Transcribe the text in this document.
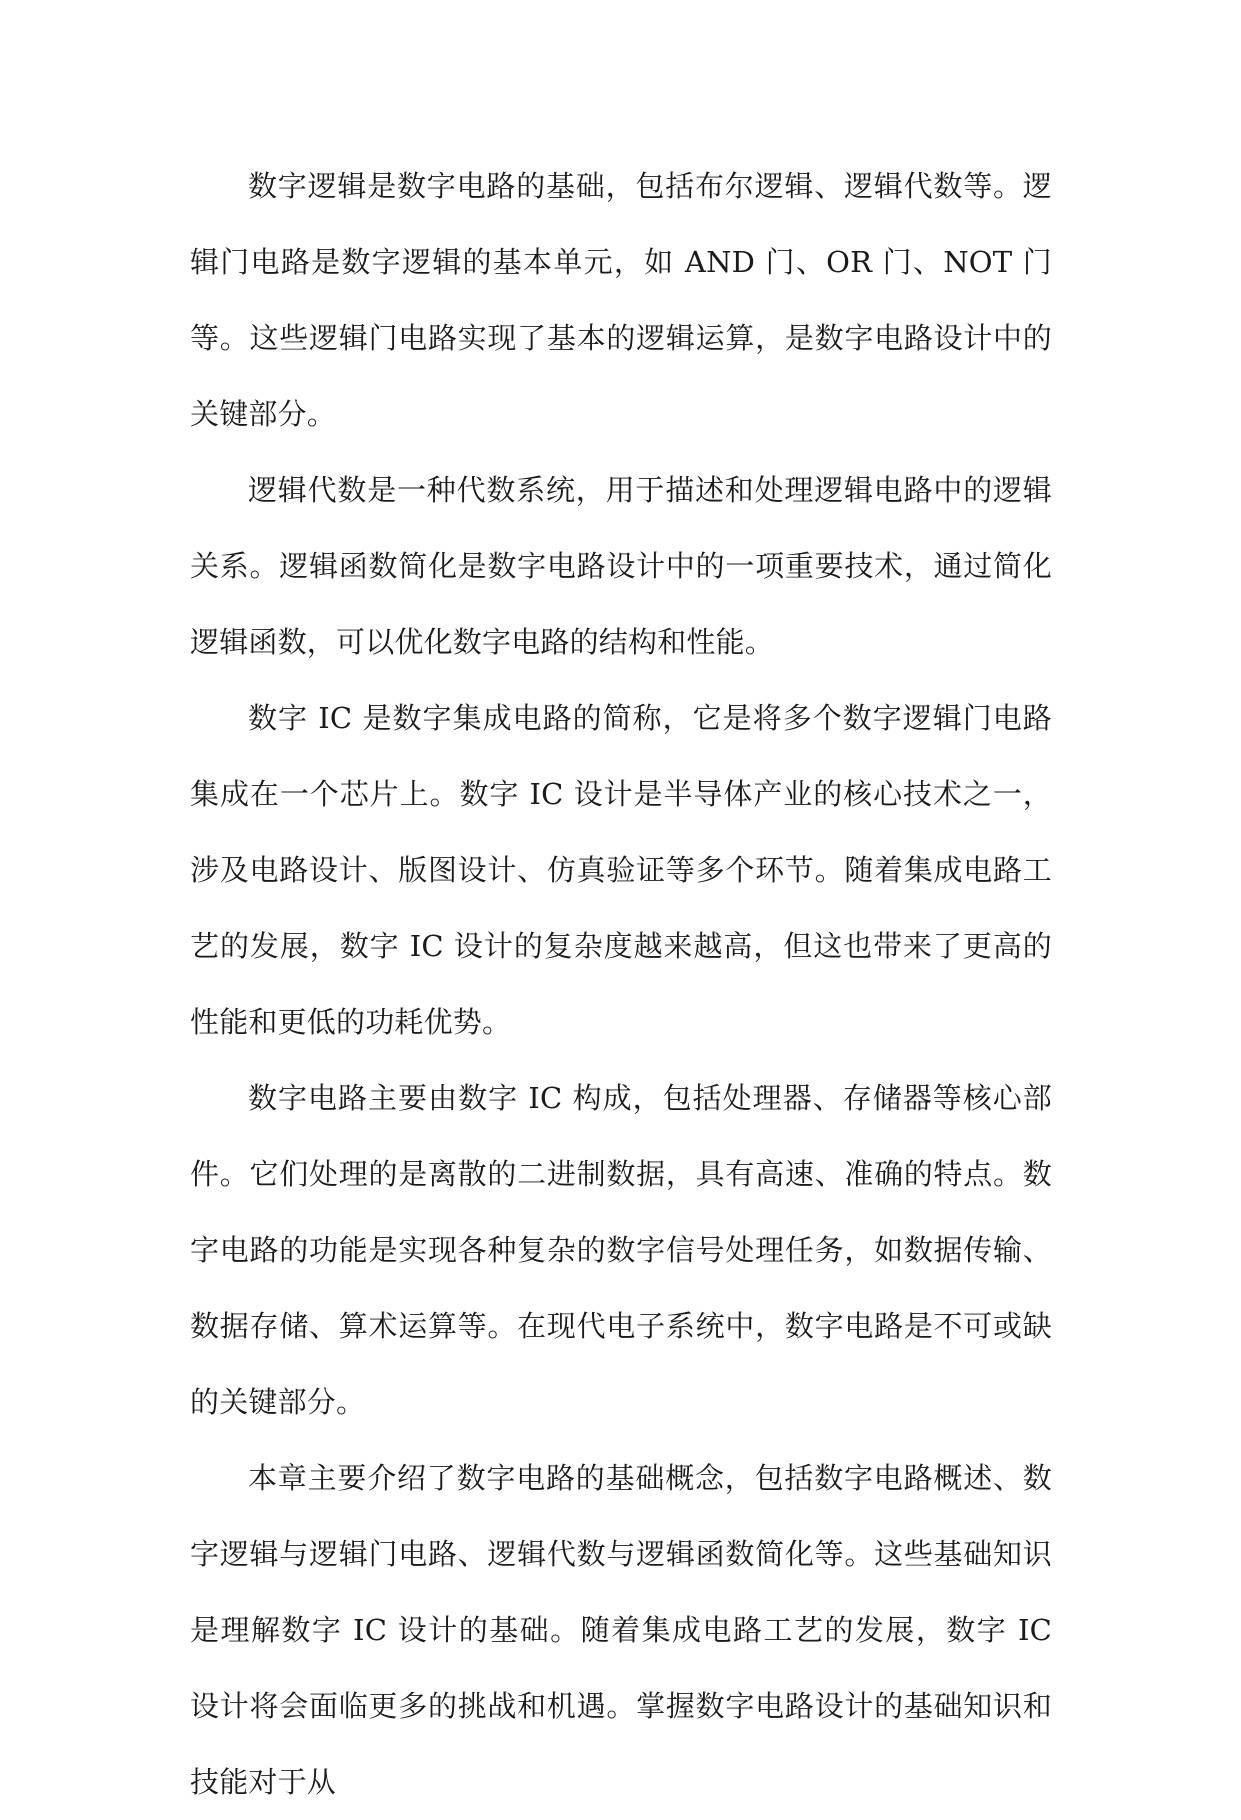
数字逻辑是数字电路的基础，包括布尔逻辑、逻辑代数等。逻辑门电路是数字逻辑的基本单元，如 AND 门、OR 门、NOT 门等。这些逻辑门电路实现了基本的逻辑运算，是数字电路设计中的关键部分。

逻辑代数是一种代数系统，用于描述和处理逻辑电路中的逻辑关系。逻辑函数简化是数字电路设计中的一项重要技术，通过简化逻辑函数，可以优化数字电路的结构和性能。

数字 IC 是数字集成电路的简称，它是将多个数字逻辑门电路集成在一个芯片上。数字 IC 设计是半导体产业的核心技术之一，涉及电路设计、版图设计、仿真验证等多个环节。随着集成电路工艺的发展，数字 IC 设计的复杂度越来越高，但这也带来了更高的性能和更低的功耗优势。

数字电路主要由数字 IC 构成，包括处理器、存储器等核心部件。它们处理的是离散的二进制数据，具有高速、准确的特点。数字电路的功能是实现各种复杂的数字信号处理任务，如数据传输、数据存储、算术运算等。在现代电子系统中，数字电路是不可或缺的关键部分。

本章主要介绍了数字电路的基础概念，包括数字电路概述、数字逻辑与逻辑门电路、逻辑代数与逻辑函数简化等。这些基础知识是理解数字 IC 设计的基础。随着集成电路工艺的发展，数字 IC 设计将会面临更多的挑战和机遇。掌握数字电路设计的基础知识和技能对于从
